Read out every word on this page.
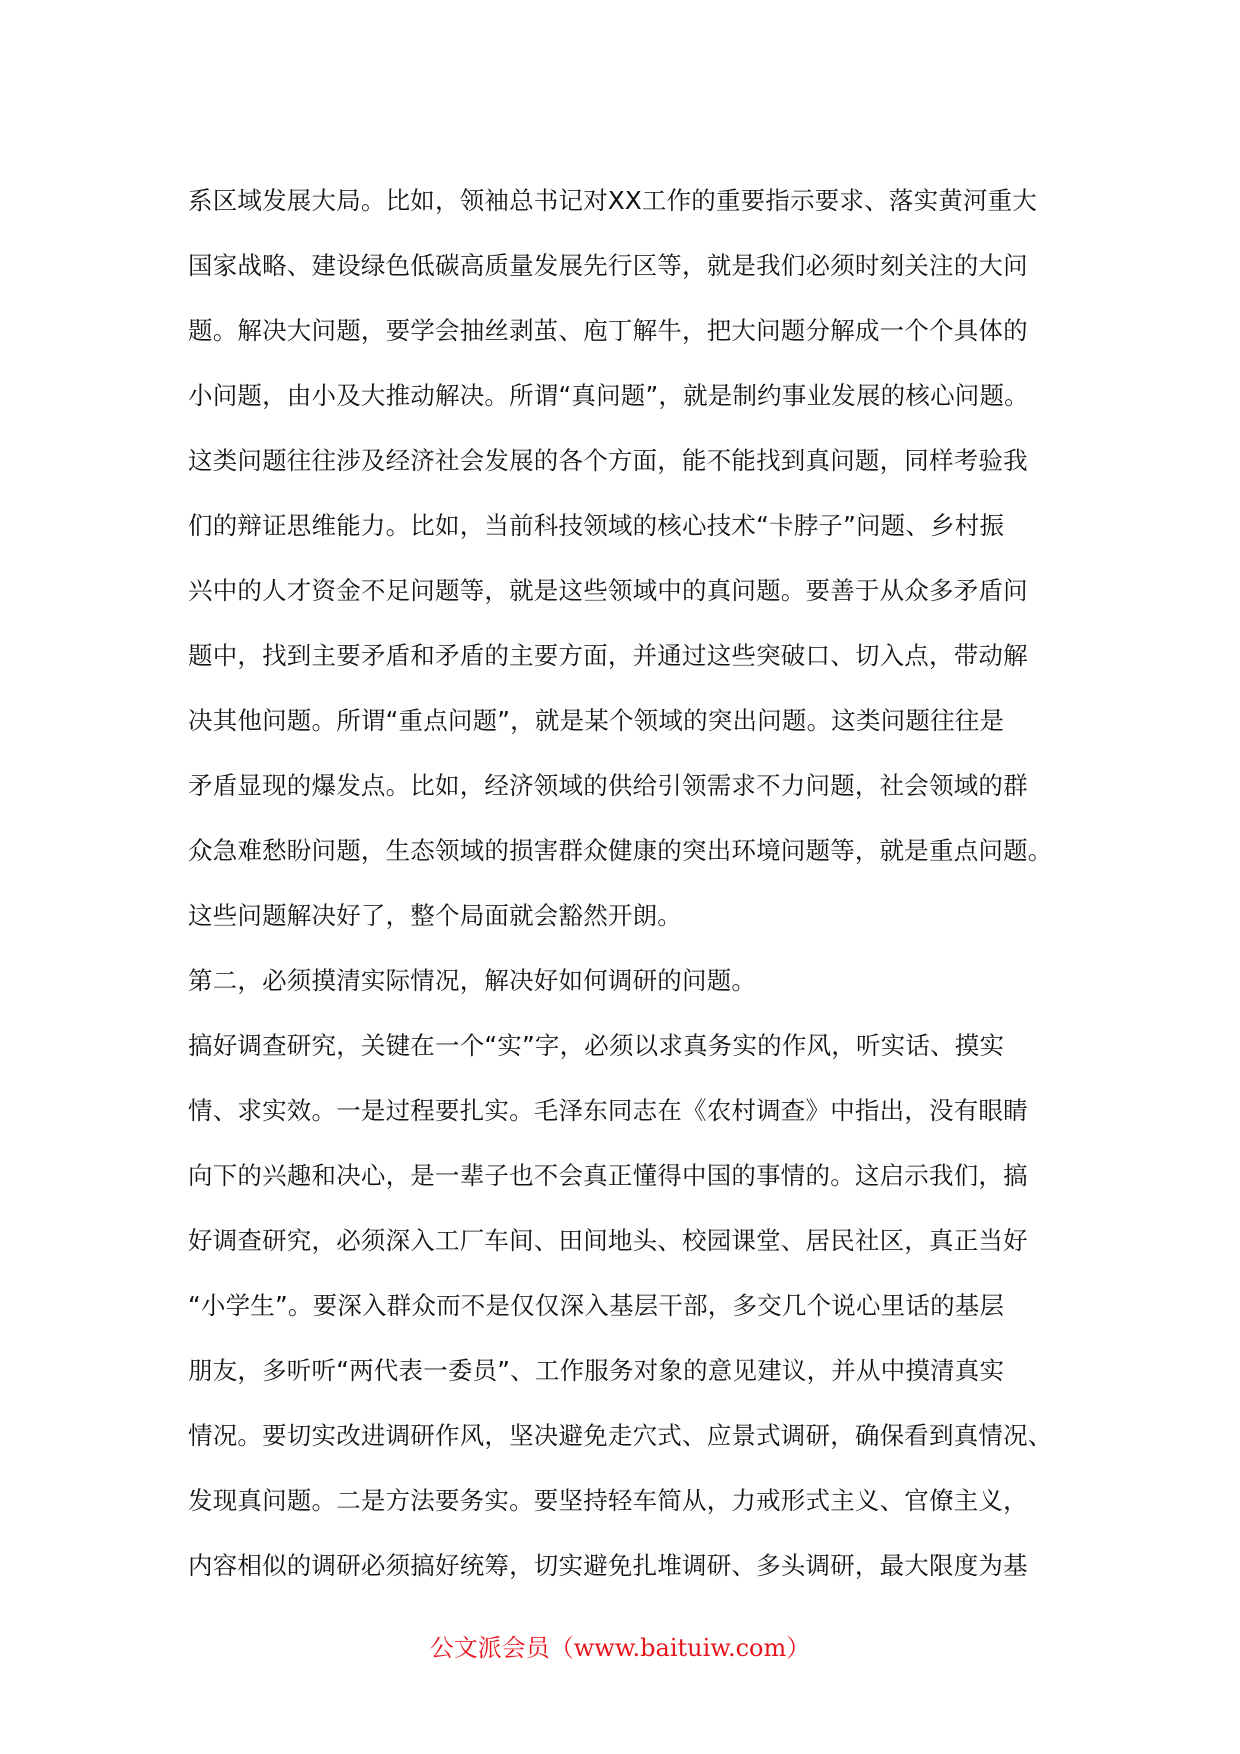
系区域发展大局。比如，领袖总书记对XX工作的重要指示要求、落实黄河重大
国家战略、建设绿色低碳高质量发展先行区等，就是我们必须时刻关注的大问
题。解决大问题，要学会抽丝剥茧、庖丁解牛，把大问题分解成一个个具体的
小问题，由小及大推动解决。所谓“真问题”，就是制约事业发展的核心问题。
这类问题往往涉及经济社会发展的各个方面，能不能找到真问题，同样考验我
们的辩证思维能力。比如，当前科技领域的核心技术“卡脖子”问题、乡村振
兴中的人才资金不足问题等，就是这些领域中的真问题。要善于从众多矛盾问
题中，找到主要矛盾和矛盾的主要方面，并通过这些突破口、切入点，带动解
决其他问题。所谓“重点问题”，就是某个领域的突出问题。这类问题往往是
矛盾显现的爆发点。比如，经济领域的供给引领需求不力问题，社会领域的群
众急难愁盼问题，生态领域的损害群众健康的突出环境问题等，就是重点问题。
这些问题解决好了，整个局面就会豁然开朗。
第二，必须摸清实际情况，解决好如何调研的问题。
搞好调查研究，关键在一个“实”字，必须以求真务实的作风，听实话、摸实
情、求实效。一是过程要扎实。毛泽东同志在《农村调查》中指出，没有眼睛
向下的兴趣和决心，是一辈子也不会真正懂得中国的事情的。这启示我们，搞
好调查研究，必须深入工厂车间、田间地头、校园课堂、居民社区，真正当好
“小学生”。要深入群众而不是仅仅深入基层干部，多交几个说心里话的基层
朋友，多听听“两代表一委员”、工作服务对象的意见建议，并从中摸清真实
情况。要切实改进调研作风，坚决避免走穴式、应景式调研，确保看到真情况、
发现真问题。二是方法要务实。要坚持轻车简从，力戒形式主义、官僚主义，
内容相似的调研必须搞好统筹，切实避免扎堆调研、多头调研，最大限度为基
公文派会员（www.baituiw.com）
